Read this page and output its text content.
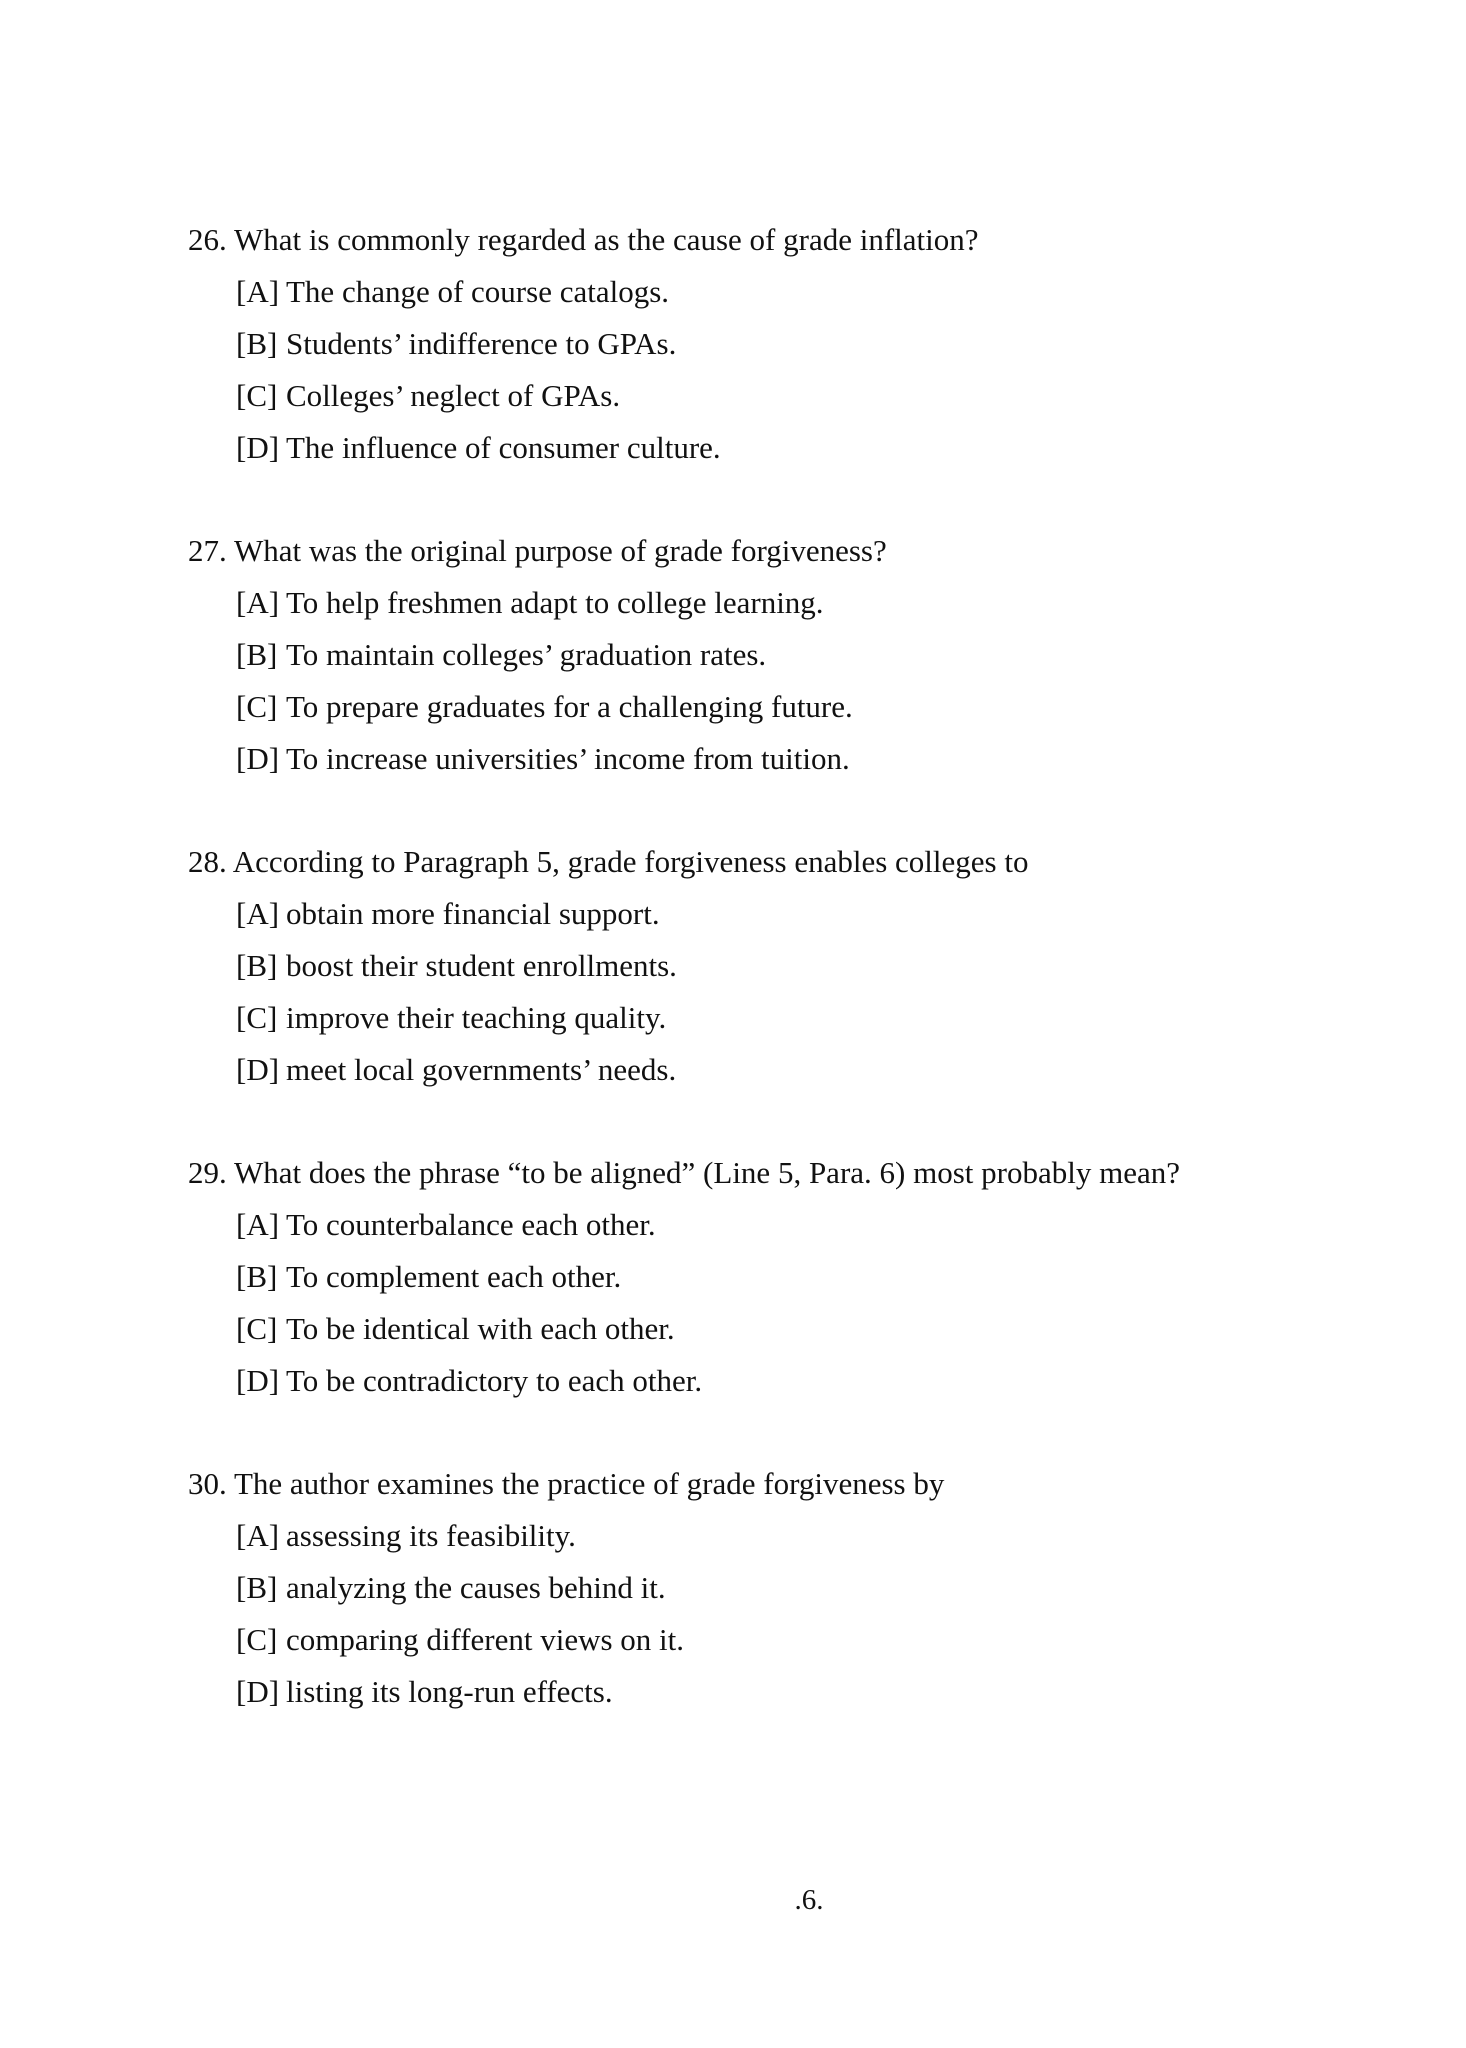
26. What is commonly regarded as the cause of grade inflation?
[A] The change of course catalogs.
[B] Students’ indifference to GPAs.
[C] Colleges’ neglect of GPAs.
[D] The influence of consumer culture.
27. What was the original purpose of grade forgiveness?
[A] To help freshmen adapt to college learning.
[B] To maintain colleges’ graduation rates.
[C] To prepare graduates for a challenging future.
[D] To increase universities’ income from tuition.
28. According to Paragraph 5, grade forgiveness enables colleges to
[A] obtain more financial support.
[B] boost their student enrollments.
[C] improve their teaching quality.
[D] meet local governments’ needs.
29. What does the phrase “to be aligned” (Line 5, Para. 6) most probably mean?
[A] To counterbalance each other.
[B] To complement each other.
[C] To be identical with each other.
[D] To be contradictory to each other.
30. The author examines the practice of grade forgiveness by
[A] assessing its feasibility.
[B] analyzing the causes behind it.
[C] comparing different views on it.
[D] listing its long-run effects.
.6.
